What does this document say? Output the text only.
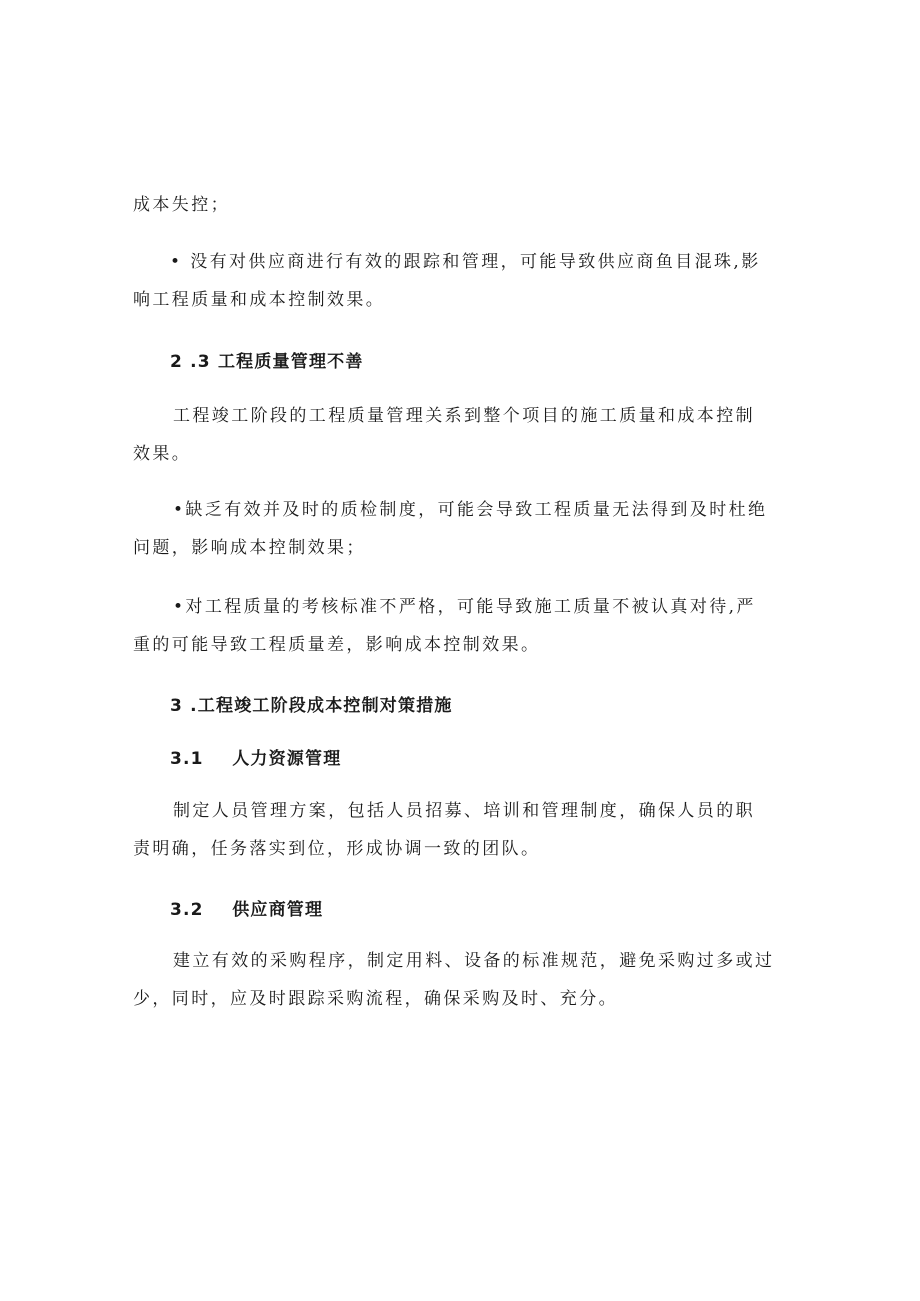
成本失控；

• 没有对供应商进行有效的跟踪和管理，可能导致供应商鱼目混珠,影
响工程质量和成本控制效果。

2 .3 工程质量管理不善

工程竣工阶段的工程质量管理关系到整个项目的施工质量和成本控制
效果。

•缺乏有效并及时的质检制度，可能会导致工程质量无法得到及时杜绝
问题，影响成本控制效果；

•对工程质量的考核标准不严格，可能导致施工质量不被认真对待,严
重的可能导致工程质量差，影响成本控制效果。

3 .工程竣工阶段成本控制对策措施

3.1    人力资源管理

制定人员管理方案，包括人员招募、培训和管理制度，确保人员的职
责明确，任务落实到位，形成协调一致的团队。

3.2    供应商管理

建立有效的采购程序，制定用料、设备的标准规范，避免采购过多或过
少，同时，应及时跟踪采购流程，确保采购及时、充分。
